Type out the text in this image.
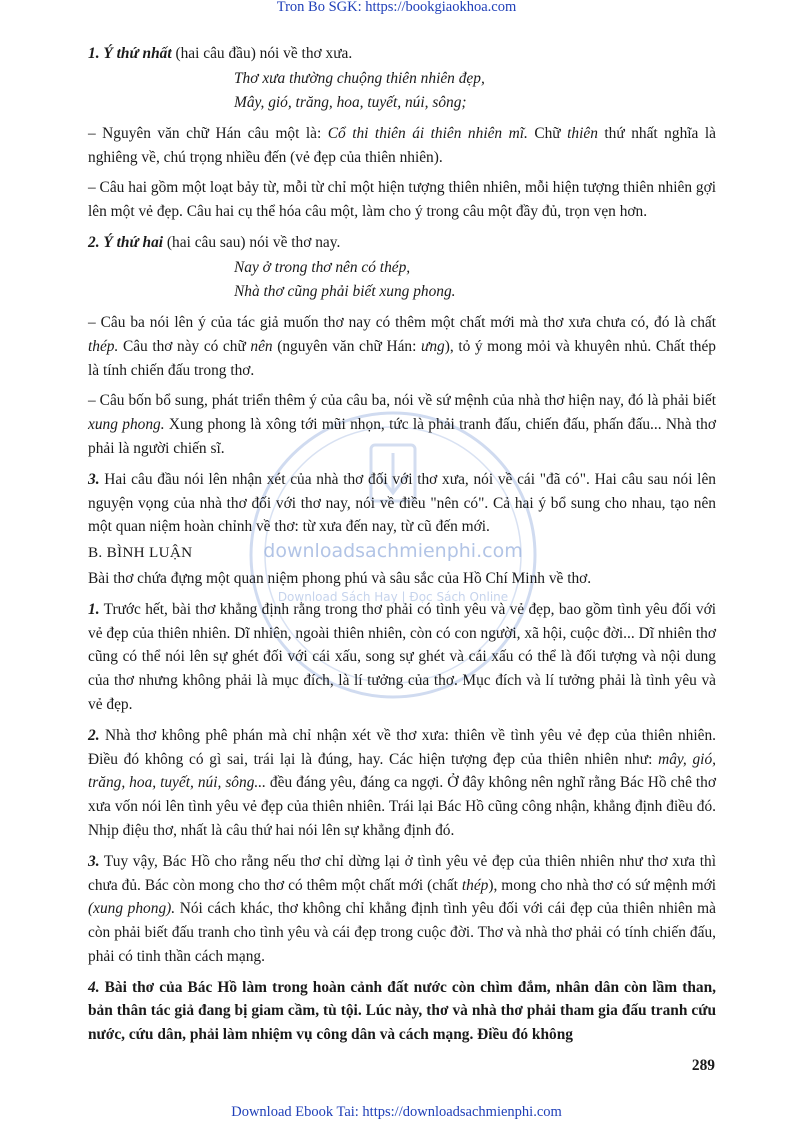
Tron Bo SGK: https://bookgiaokhoa.com
downloadsachmienphi.com
Download Sách Hay | Đọc Sách Online

1. Ý thứ nhất (hai câu đầu) nói về thơ xưa.

Thơ xưa thường chuộng thiên nhiên đẹp,

Mây, gió, trăng, hoa, tuyết, núi, sông;

– Nguyên văn chữ Hán câu một là: Cổ thi thiên ái thiên nhiên mĩ. Chữ thiên thứ nhất nghĩa là nghiêng về, chú trọng nhiều đến (vẻ đẹp của thiên nhiên).

– Câu hai gồm một loạt bảy từ, mỗi từ chỉ một hiện tượng thiên nhiên, mỗi hiện tượng thiên nhiên gợi lên một vẻ đẹp. Câu hai cụ thể hóa câu một, làm cho ý trong câu một đầy đủ, trọn vẹn hơn.

2. Ý thứ hai (hai câu sau) nói về thơ nay.

Nay ở trong thơ nên có thép,

Nhà thơ cũng phải biết xung phong.

– Câu ba nói lên ý của tác giả muốn thơ nay có thêm một chất mới mà thơ xưa chưa có, đó là chất thép. Câu thơ này có chữ nên (nguyên văn chữ Hán: ưng), tỏ ý mong mỏi và khuyên nhủ. Chất thép là tính chiến đấu trong thơ.

– Câu bốn bổ sung, phát triển thêm ý của câu ba, nói về sứ mệnh của nhà thơ hiện nay, đó là phải biết xung phong. Xung phong là xông tới mũi nhọn, tức là phải tranh đấu, chiến đấu, phấn đấu... Nhà thơ phải là người chiến sĩ.

3. Hai câu đầu nói lên nhận xét của nhà thơ đối với thơ xưa, nói về cái "đã có". Hai câu sau nói lên nguyện vọng của nhà thơ đối với thơ nay, nói về điều "nên có". Cả hai ý bổ sung cho nhau, tạo nên một quan niệm hoàn chỉnh về thơ: từ xưa đến nay, từ cũ đến mới.

B. BÌNH LUẬN

Bài thơ chứa đựng một quan niệm phong phú và sâu sắc của Hồ Chí Minh về thơ.

1. Trước hết, bài thơ khẳng định rằng trong thơ phải có tình yêu và vẻ đẹp, bao gồm tình yêu đối với vẻ đẹp của thiên nhiên. Dĩ nhiên, ngoài thiên nhiên, còn có con người, xã hội, cuộc đời... Dĩ nhiên thơ cũng có thể nói lên sự ghét đối với cái xấu, song sự ghét và cái xấu có thể là đối tượng và nội dung của thơ nhưng không phải là mục đích, là lí tưởng của thơ. Mục đích và lí tưởng phải là tình yêu và vẻ đẹp.

2. Nhà thơ không phê phán mà chỉ nhận xét về thơ xưa: thiên về tình yêu vẻ đẹp của thiên nhiên. Điều đó không có gì sai, trái lại là đúng, hay. Các hiện tượng đẹp của thiên nhiên như: mây, gió, trăng, hoa, tuyết, núi, sông... đều đáng yêu, đáng ca ngợi. Ở đây không nên nghĩ rằng Bác Hồ chê thơ xưa vốn nói lên tình yêu vẻ đẹp của thiên nhiên. Trái lại Bác Hồ cũng công nhận, khẳng định điều đó. Nhịp điệu thơ, nhất là câu thứ hai nói lên sự khẳng định đó.

3. Tuy vậy, Bác Hồ cho rằng nếu thơ chỉ dừng lại ở tình yêu vẻ đẹp của thiên nhiên như thơ xưa thì chưa đủ. Bác còn mong cho thơ có thêm một chất mới (chất thép), mong cho nhà thơ có sứ mệnh mới (xung phong). Nói cách khác, thơ không chỉ khẳng định tình yêu đối với cái đẹp của thiên nhiên mà còn phải biết đấu tranh cho tình yêu và cái đẹp trong cuộc đời. Thơ và nhà thơ phải có tính chiến đấu, phải có tinh thần cách mạng.

4. Bài thơ của Bác Hồ làm trong hoàn cảnh đất nước còn chìm đắm, nhân dân còn lầm than, bản thân tác giả đang bị giam cầm, tù tội. Lúc này, thơ và nhà thơ phải tham gia đấu tranh cứu nước, cứu dân, phải làm nhiệm vụ công dân và cách mạng. Điều đó không

289
Download Ebook Tai: https://downloadsachmienphi.com
